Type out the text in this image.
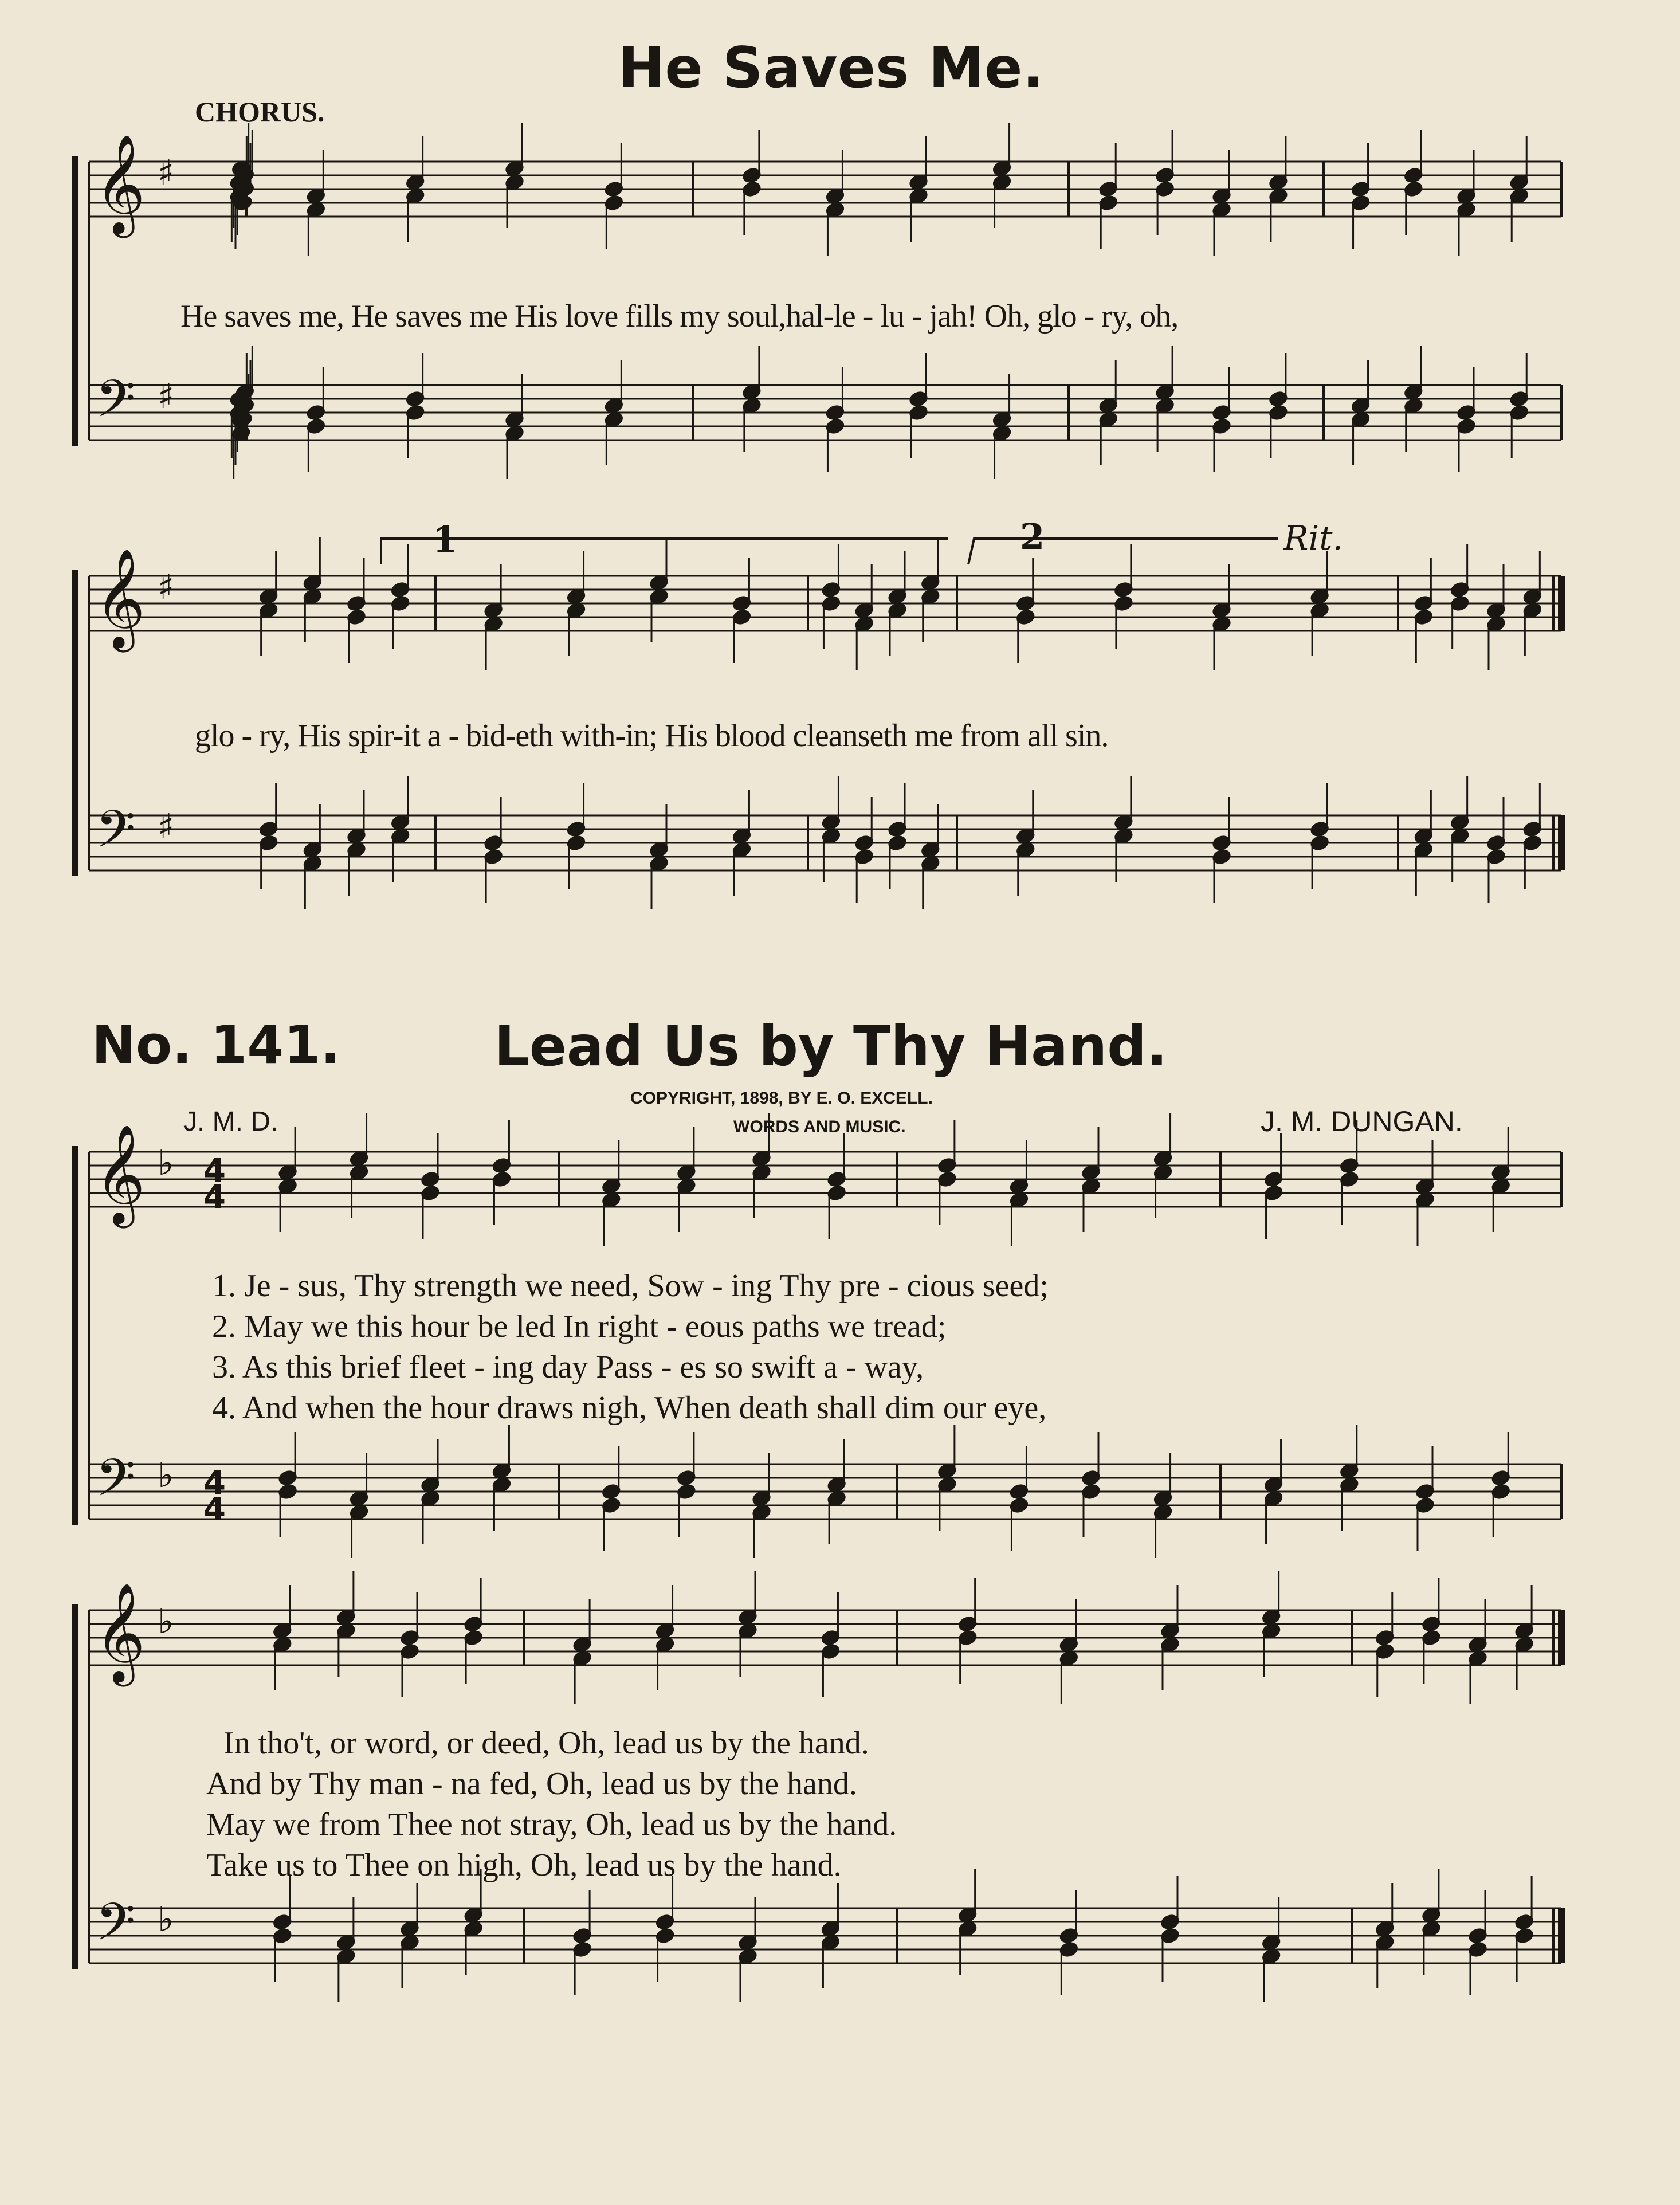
He Saves Me.
CHORUS.
He saves me, He saves me His love fills my soul,hal-le - lu - jah! Oh, glo - ry, oh,
1	2	Rit.
glo - ry, His spir-it a - bid-eth with-in; His blood cleanseth me from all sin.
No. 141.	Lead Us by Thy Hand.
COPYRIGHT, 1898, BY E. O. EXCELL.
WORDS AND MUSIC.
J. M. D.	J. M. DUNGAN.
1. Je - sus, Thy strength we need, Sow - ing Thy pre - cious seed;
2. May we this hour be led In right - eous paths we tread;
3. As this brief fleet - ing day Pass - es so swift a - way,
4. And when the hour draws nigh, When death shall dim our eye,
In tho't, or word, or deed, Oh, lead us by the hand.
And by Thy man - na fed, Oh, lead us by the hand.
May we from Thee not stray, Oh, lead us by the hand.
Take us to Thee on high, Oh, lead us by the hand.
𝄞
𝄢
♯
♯
𝄞
𝄢
♯
♯
𝄞
𝄢
♭
♭
4
4
4
4
𝄞
𝄢
♭
♭
